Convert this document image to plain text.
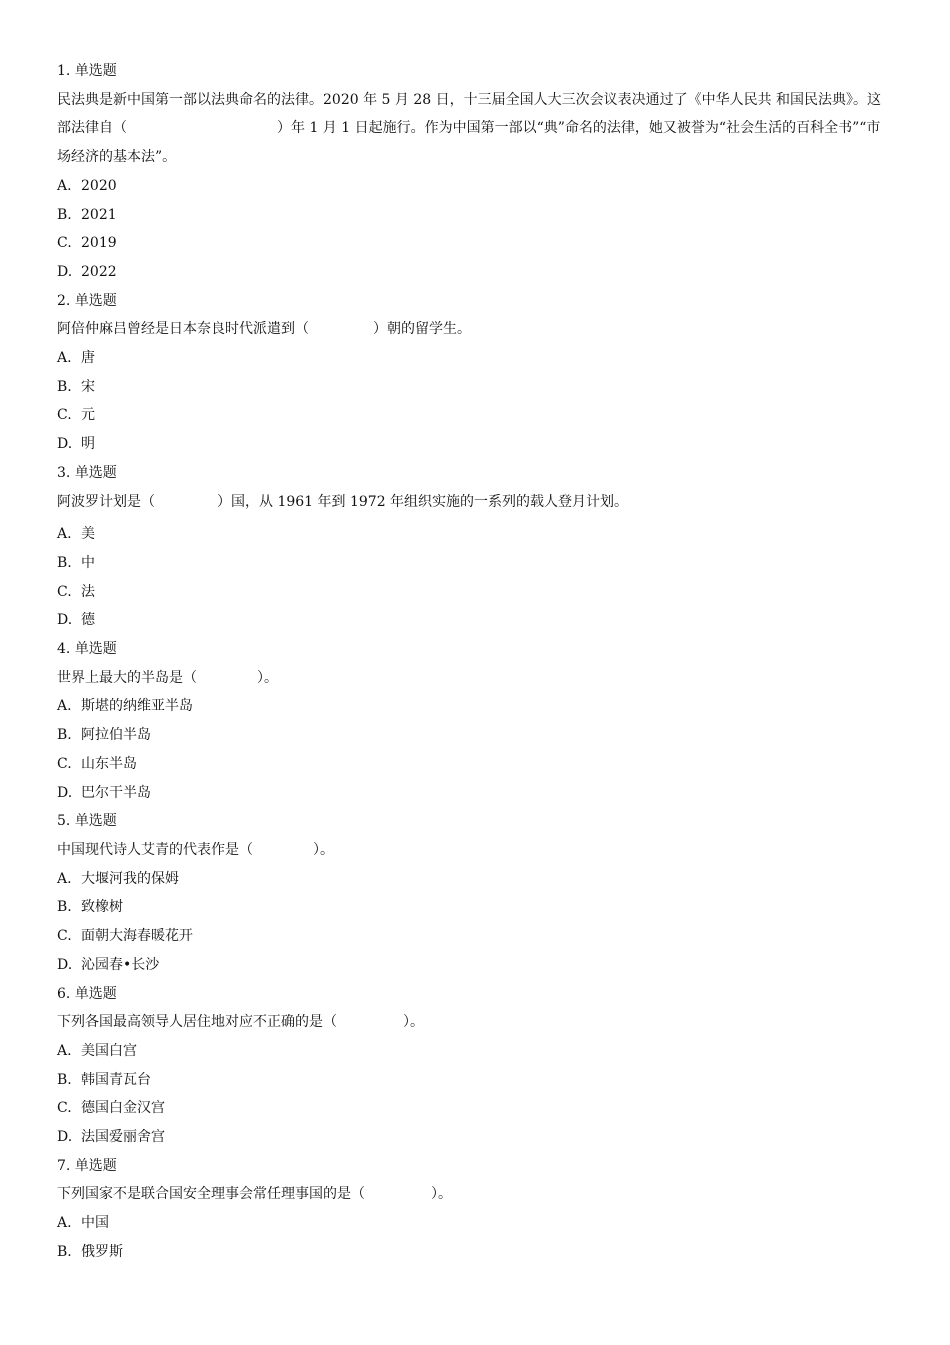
1. 单选题
民法典是新中国第一部以法典命名的法律。2020 年 5 月 28 日，十三届全国人大三次会议表决通过了《中华人民共 和国民法典》。这部法律自（	）年 1 月 1 日起施行。作为中国第一部以“典”命名的法律，她又被誉为“社会生活的百科全书”“市场经济的基本法”。
A. 2020
B. 2021
C. 2019
D. 2022
2. 单选题
阿倍仲麻吕曾经是日本奈良时代派遣到（	）朝的留学生。
A. 唐
B. 宋
C. 元
D. 明
3. 单选题
阿波罗计划是（	）国，从 1961 年到 1972 年组织实施的一系列的载人登月计划。
A. 美
B. 中
C. 法
D. 德
4. 单选题
世界上最大的半岛是（	）。
A. 斯堪的纳维亚半岛
B. 阿拉伯半岛
C. 山东半岛
D. 巴尔干半岛
5. 单选题
中国现代诗人艾青的代表作是（	）。
A. 大堰河我的保姆
B. 致橡树
C. 面朝大海春暖花开
D. 沁园春•长沙
6. 单选题
下列各国最高领导人居住地对应不正确的是（	）。
A. 美国白宫
B. 韩国青瓦台
C. 德国白金汉宫
D. 法国爱丽舍宫
7. 单选题
下列国家不是联合国安全理事会常任理事国的是（	）。
A. 中国
B. 俄罗斯
